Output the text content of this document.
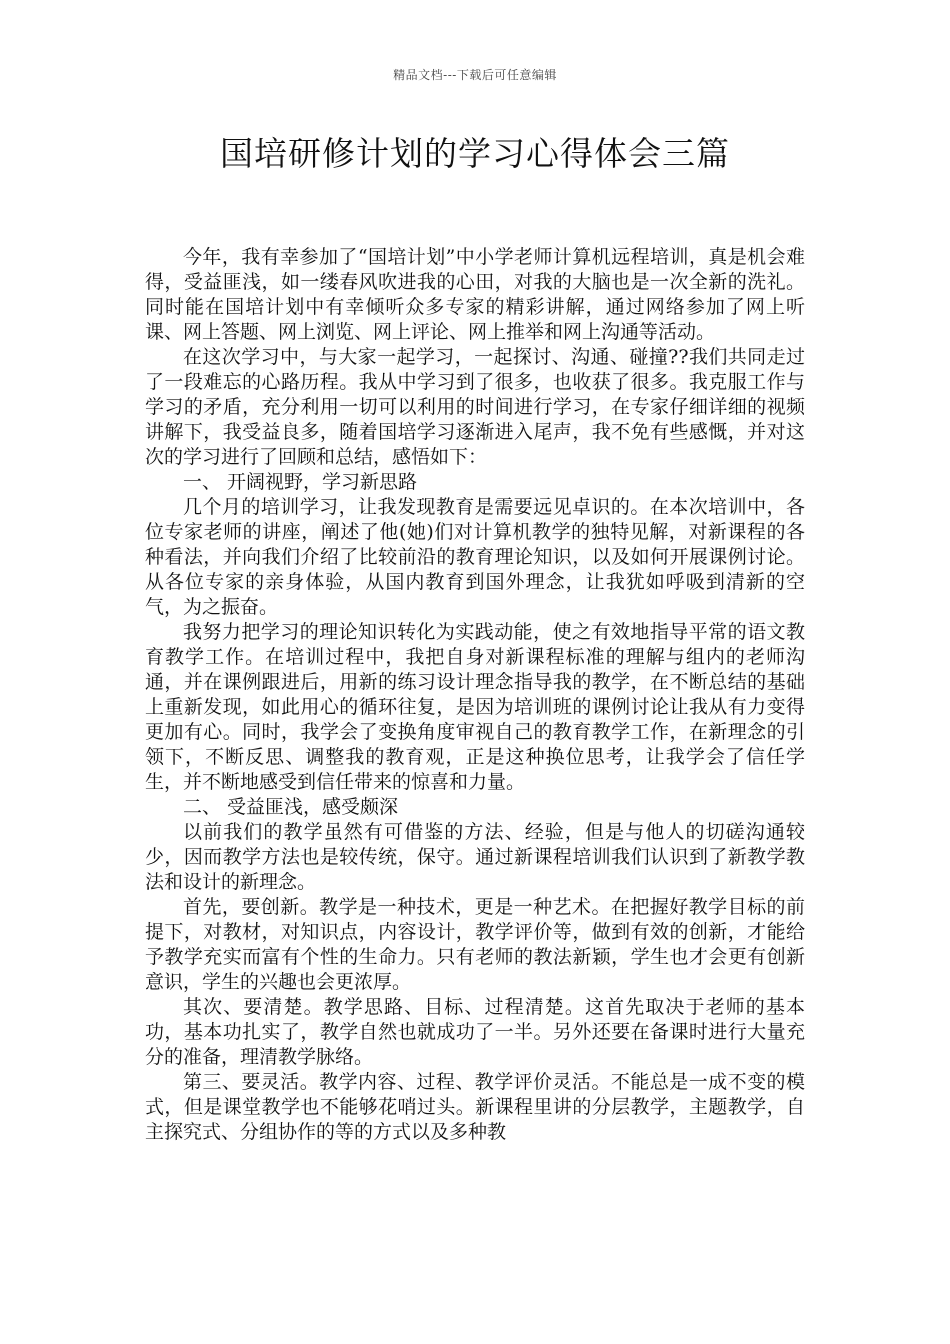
精品文档---下载后可任意编辑
国培研修计划的学习心得体会三篇

今年，我有幸参加了“国培计划”中小学老师计算机远程培训，真是机会难得，受益匪浅，如一缕春风吹进我的心田，对我的大脑也是一次全新的洗礼。同时能在国培计划中有幸倾听众多专家的精彩讲解，通过网络参加了网上听课、网上答题、网上浏览、网上评论、网上推举和网上沟通等活动。

在这次学习中，与大家一起学习，一起探讨、沟通、碰撞??我们共同走过了一段难忘的心路历程。我从中学习到了很多，也收获了很多。我克服工作与学习的矛盾，充分利用一切可以利用的时间进行学习，在专家仔细详细的视频讲解下，我受益良多，随着国培学习逐渐进入尾声，我不免有些感慨，并对这次的学习进行了回顾和总结，感悟如下：

一、 开阔视野，学习新思路

几个月的培训学习，让我发现教育是需要远见卓识的。在本次培训中，各位专家老师的讲座，阐述了他(她)们对计算机教学的独特见解，对新课程的各种看法，并向我们介绍了比较前沿的教育理论知识，以及如何开展课例讨论。从各位专家的亲身体验，从国内教育到国外理念，让我犹如呼吸到清新的空气，为之振奋。

我努力把学习的理论知识转化为实践动能，使之有效地指导平常的语文教育教学工作。在培训过程中，我把自身对新课程标准的理解与组内的老师沟通，并在课例跟进后，用新的练习设计理念指导我的教学，在不断总结的基础上重新发现，如此用心的循环往复，是因为培训班的课例讨论让我从有力变得更加有心。同时，我学会了变换角度审视自己的教育教学工作，在新理念的引领下，不断反思、调整我的教育观，正是这种换位思考，让我学会了信任学生，并不断地感受到信任带来的惊喜和力量。

二、 受益匪浅，感受颇深

以前我们的教学虽然有可借鉴的方法、经验，但是与他人的切磋沟通较少，因而教学方法也是较传统，保守。通过新课程培训我们认识到了新教学教法和设计的新理念。

首先，要创新。教学是一种技术，更是一种艺术。在把握好教学目标的前提下，对教材，对知识点，内容设计，教学评价等，做到有效的创新，才能给予教学充实而富有个性的生命力。只有老师的教法新颖，学生也才会更有创新意识，学生的兴趣也会更浓厚。

其次、要清楚。教学思路、目标、过程清楚。这首先取决于老师的基本功，基本功扎实了，教学自然也就成功了一半。另外还要在备课时进行大量充分的准备，理清教学脉络。

第三、要灵活。教学内容、过程、教学评价灵活。不能总是一成不变的模式，但是课堂教学也不能够花哨过头。新课程里讲的分层教学，主题教学，自主探究式、分组协作的等的方式以及多种教
